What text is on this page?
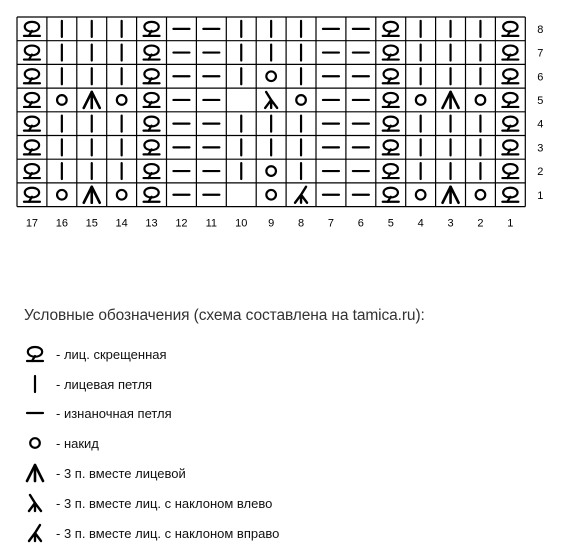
8
7
6
5
4
3
2
1
17 16 15 14 13 12 11 10 9 8 7 6 5 4 3 2 1
Условные обозначения (схема составлена на tamica.ru):
- лиц. скрещенная
- лицевая петля
- изнаночная петля
- накид
- 3 п. вместе лицевой
- 3 п. вместе лиц. с наклоном влево
- 3 п. вместе лиц. с наклоном вправо
